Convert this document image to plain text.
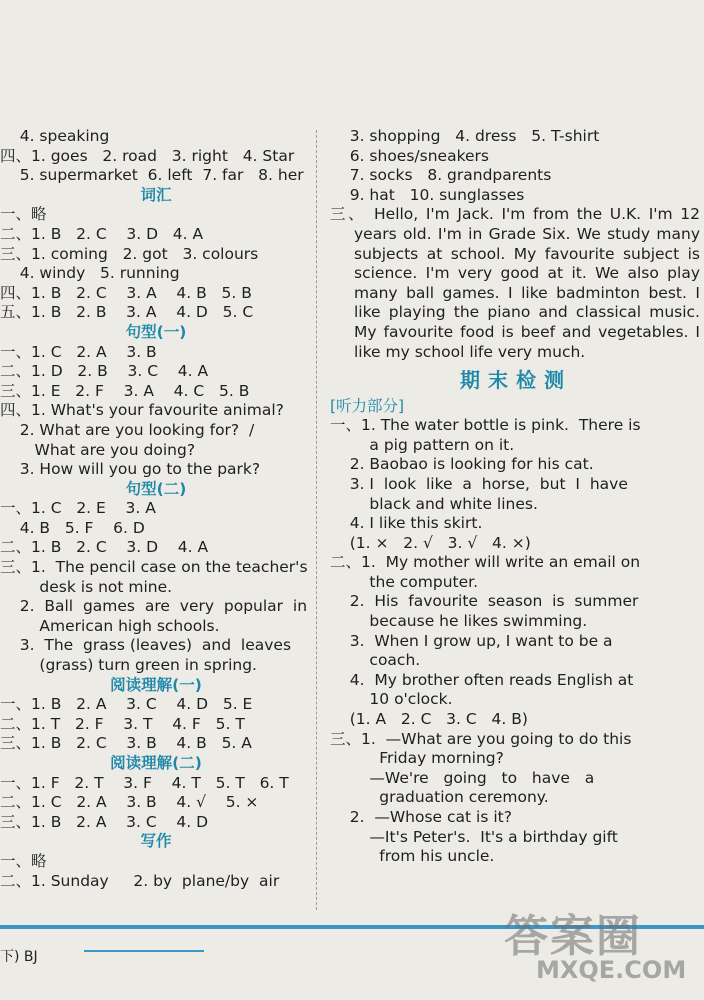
4. speaking
四、1. goes   2. road   3. right   4. Star
5. supermarket  6. left  7. far   8. her
词汇
一、略
二、1. B   2. C    3. D   4. A
三、1. coming   2. got   3. colours
4. windy   5. running
四、1. B   2. C    3. A    4. B   5. B
五、1. B   2. B    3. A    4. D   5. C
句型(一)
一、1. C   2. A    3. B
二、1. D   2. B    3. C    4. A
三、1. E   2. F    3. A    4. C   5. B
四、1. What's your favourite animal?
2. What are you looking for?  /
What are you doing?
3. How will you go to the park?
句型(二)
一、1. C   2. E    3. A
4. B   5. F    6. D
二、1. B   2. C    3. D    4. A
三、1.  The pencil case on the teacher's
desk is not mine.
2.  Ball  games  are  very  popular  in
American high schools.
3.  The  grass (leaves)  and  leaves
(grass) turn green in spring.
阅读理解(一)
一、1. B   2. A    3. C    4. D   5. E
二、1. T   2. F    3. T    4. F   5. T
三、1. B   2. C    3. B    4. B   5. A
阅读理解(二)
一、1. F   2. T    3. F    4. T   5. T   6. T
二、1. C   2. A    3. B    4. √    5. ×
三、1. B   2. A    3. C    4. D
写作
一、略
二、1. Sunday     2. by  plane/by  air
3. shopping   4. dress   5. T-shirt
6. shoes/sneakers
7. socks   8. grandparents
9. hat   10. sunglasses
三、 Hello, I'm Jack. I'm from the U.K. I'm 12 years old. I'm in Grade Six. We study many subjects at school. My favourite subject is science. I'm very good at it. We also play many ball games. I like badminton best. I like playing the piano and classical music. My favourite food is beef and vegetables. I like my school life very much.
期末检测
[听力部分]
一、1. The water bottle is pink.  There is
a pig pattern on it.
2. Baobao is looking for his cat.
3. I  look  like  a  horse,  but  I  have
black and white lines.
4. I like this skirt.
(1. ×   2. √   3. √   4. ×)
二、1.  My mother will write an email on
the computer.
2.  His  favourite  season  is  summer
because he likes swimming.
3.  When I grow up, I want to be a
coach.
4.  My brother often reads English at
10 o'clock.
(1. A   2. C   3. C   4. B)
三、1.  —What are you going to do this
Friday morning?
—We're   going   to   have   a
graduation ceremony.
2.  —Whose cat is it?
—It's Peter's.  It's a birthday gift
from his uncle.
下) BJ	答案圈
MXQE.COM
